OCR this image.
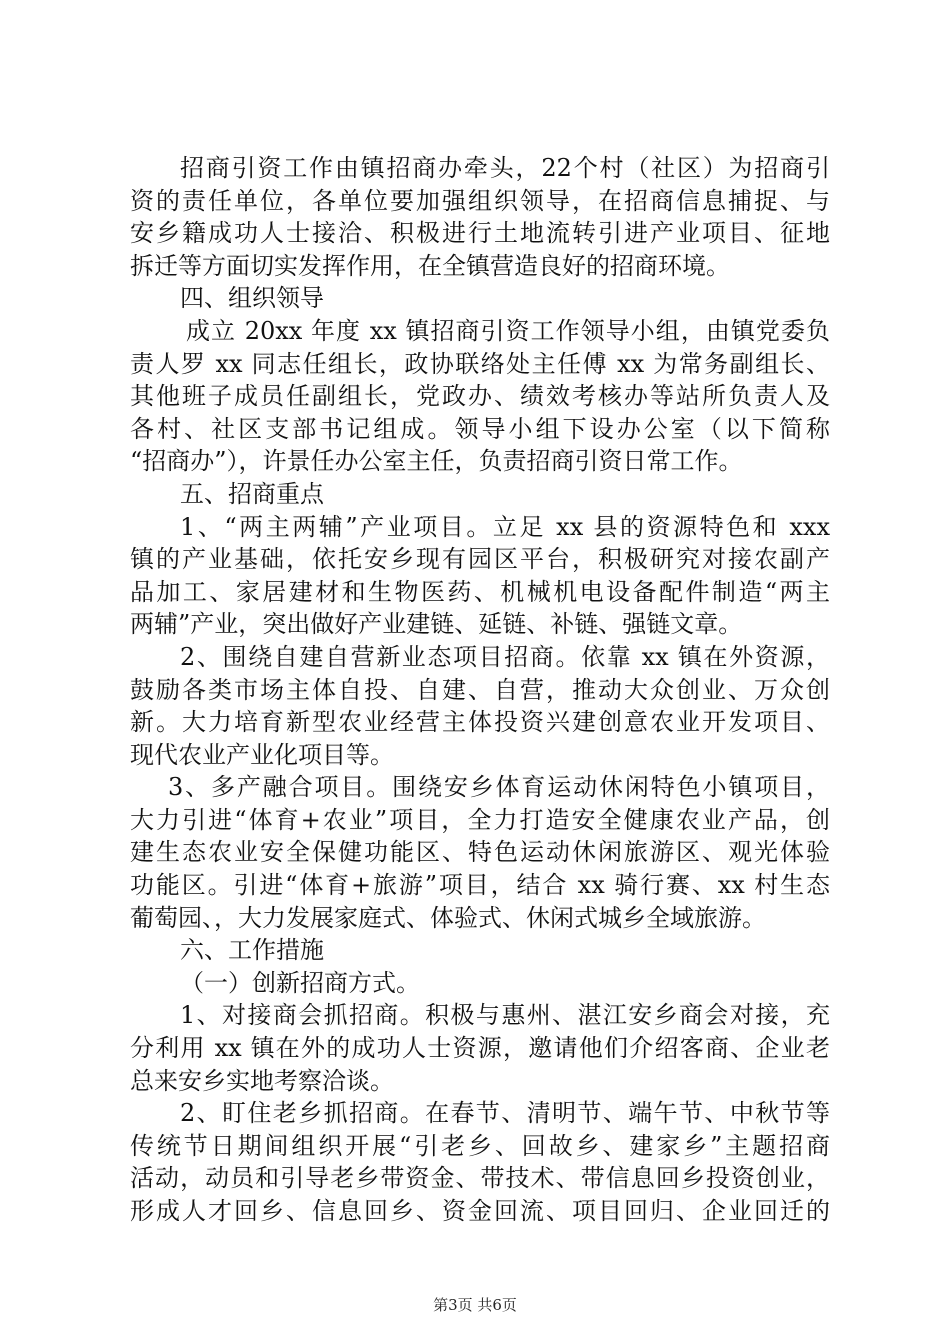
招商引资工作由镇招商办牵头，22个村（社区）为招商引
资的责任单位，各单位要加强组织领导，在招商信息捕捉、与
安乡籍成功人士接洽、积极进行土地流转引进产业项目、征地
拆迁等方面切实发挥作用，在全镇营造良好的招商环境。
四、组织领导
成立 20xx 年度 xx 镇招商引资工作领导小组，由镇党委负
责人罗 xx 同志任组长，政协联络处主任傅 xx 为常务副组长、
其他班子成员任副组长，党政办、绩效考核办等站所负责人及
各村、社区支部书记组成。领导小组下设办公室（以下简称
“招商办”），许景任办公室主任，负责招商引资日常工作。
五、招商重点
1、“两主两辅”产业项目。立足 xx 县的资源特色和 xxx
镇的产业基础，依托安乡现有园区平台，积极研究对接农副产
品加工、家居建材和生物医药、机械机电设备配件制造“两主
两辅”产业，突出做好产业建链、延链、补链、强链文章。
2、围绕自建自营新业态项目招商。依靠 xx 镇在外资源，
鼓励各类市场主体自投、自建、自营，推动大众创业、万众创
新。大力培育新型农业经营主体投资兴建创意农业开发项目、
现代农业产业化项目等。
3、多产融合项目。围绕安乡体育运动休闲特色小镇项目，
大力引进“体育+农业”项目，全力打造安全健康农业产品，创
建生态农业安全保健功能区、特色运动休闲旅游区、观光体验
功能区。引进“体育+旅游”项目，结合 xx 骑行赛、xx 村生态
葡萄园、，大力发展家庭式、体验式、休闲式城乡全域旅游。
六、工作措施
（一）创新招商方式。
1、对接商会抓招商。积极与惠州、湛江安乡商会对接，充
分利用 xx 镇在外的成功人士资源，邀请他们介绍客商、企业老
总来安乡实地考察洽谈。
2、盯住老乡抓招商。在春节、清明节、端午节、中秋节等
传统节日期间组织开展“引老乡、回故乡、建家乡”主题招商
活动，动员和引导老乡带资金、带技术、带信息回乡投资创业，
形成人才回乡、信息回乡、资金回流、项目回归、企业回迁的
第3页 共6页
